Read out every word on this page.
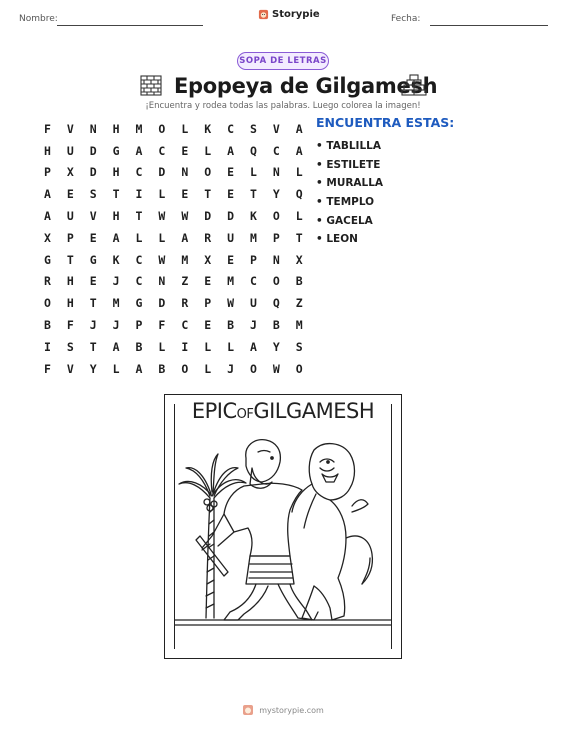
Nombre:	Storypie	Fecha:
SOPA DE LETRAS
Epopeya de Gilgamesh
¡Encuentra y rodea todas las palabras. Luego colorea la imagen!
F	V	N	H	M	O	L	K	C	S	V	A
H	U	D	G	A	C	E	L	A	Q	C	A
P	X	D	H	C	D	N	O	E	L	N	L
A	E	S	T	I	L	E	T	E	T	Y	Q
A	U	V	H	T	W	W	D	D	K	O	L
X	P	E	A	L	L	A	R	U	M	P	T
G	T	G	K	C	W	M	X	E	P	N	X
R	H	E	J	C	N	Z	E	M	C	O	B
O	H	T	M	G	D	R	P	W	U	Q	Z
B	F	J	J	P	F	C	E	B	J	B	M
I	S	T	A	B	L	I	L	L	A	Y	S
F	V	Y	L	A	B	O	L	J	O	W	O
ENCUENTRA ESTAS:
• TABLILLA
• ESTILETE
• MURALLA
• TEMPLO
• GACELA
• LEON
EPICOFGILGAMESH
mystorypie.com
